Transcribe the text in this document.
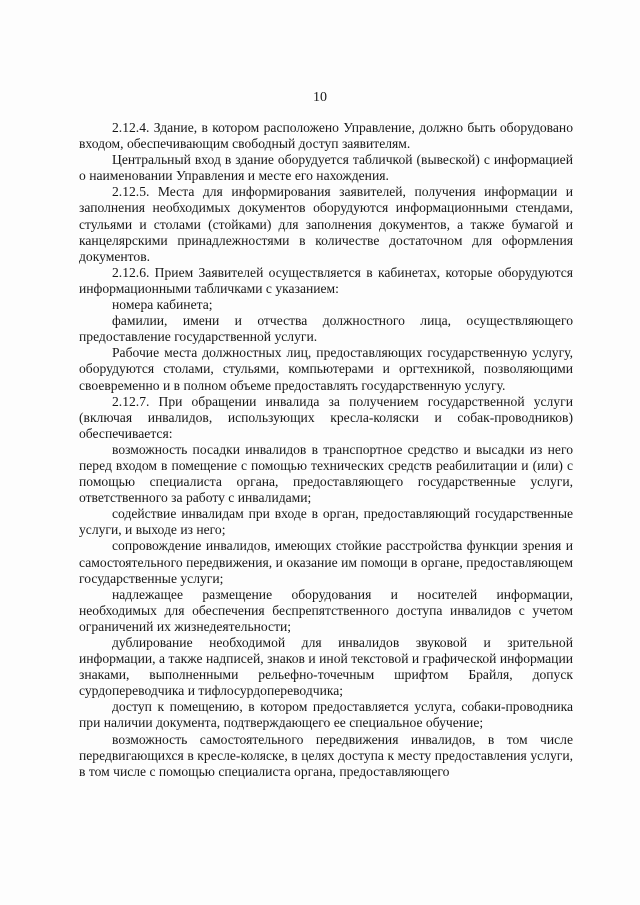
10

2.12.4. Здание, в котором расположено Управление, должно быть оборудовано входом, обеспечивающим свободный доступ заявителям.

Центральный вход в здание оборудуется табличкой (вывеской) с информацией о наименовании Управления и месте его нахождения.

2.12.5. Места для информирования заявителей, получения информации и заполнения необходимых документов оборудуются информационными стендами, стульями и столами (стойками) для заполнения документов, а также бумагой и канцелярскими принадлежностями в количестве достаточном для оформления документов.

2.12.6. Прием Заявителей осуществляется в кабинетах, которые оборудуются информационными табличками с указанием:

номера кабинета;

фамилии, имени и отчества должностного лица, осуществляющего предоставление государственной услуги.

Рабочие места должностных лиц, предоставляющих государственную услугу, оборудуются столами, стульями, компьютерами и оргтехникой, позволяющими своевременно и в полном объеме предоставлять государственную услугу.

2.12.7. При обращении инвалида за получением государственной услуги (включая инвалидов, использующих кресла-коляски и собак-проводников) обеспечивается:

возможность посадки инвалидов в транспортное средство и высадки из него перед входом в помещение с помощью технических средств реабилитации и (или) с помощью специалиста органа, предоставляющего государственные услуги, ответственного за работу с инвалидами;

содействие инвалидам при входе в орган, предоставляющий государственные услуги, и выходе из него;

сопровождение инвалидов, имеющих стойкие расстройства функции зрения и самостоятельного передвижения, и оказание им помощи в органе, предоставляющем государственные услуги;

надлежащее размещение оборудования и носителей информации, необходимых для обеспечения беспрепятственного доступа инвалидов с учетом ограничений их жизнедеятельности;

дублирование необходимой для инвалидов звуковой и зрительной информации, а также надписей, знаков и иной текстовой и графической информации знаками, выполненными рельефно-точечным шрифтом Брайля, допуск сурдопереводчика и тифлосурдопереводчика;

доступ к помещению, в котором предоставляется услуга, собаки-проводника при наличии документа, подтверждающего ее специальное обучение;

возможность самостоятельного передвижения инвалидов, в том числе передвигающихся в кресле-коляске, в целях доступа к месту предоставления услуги, в том числе с помощью специалиста органа, предоставляющего
